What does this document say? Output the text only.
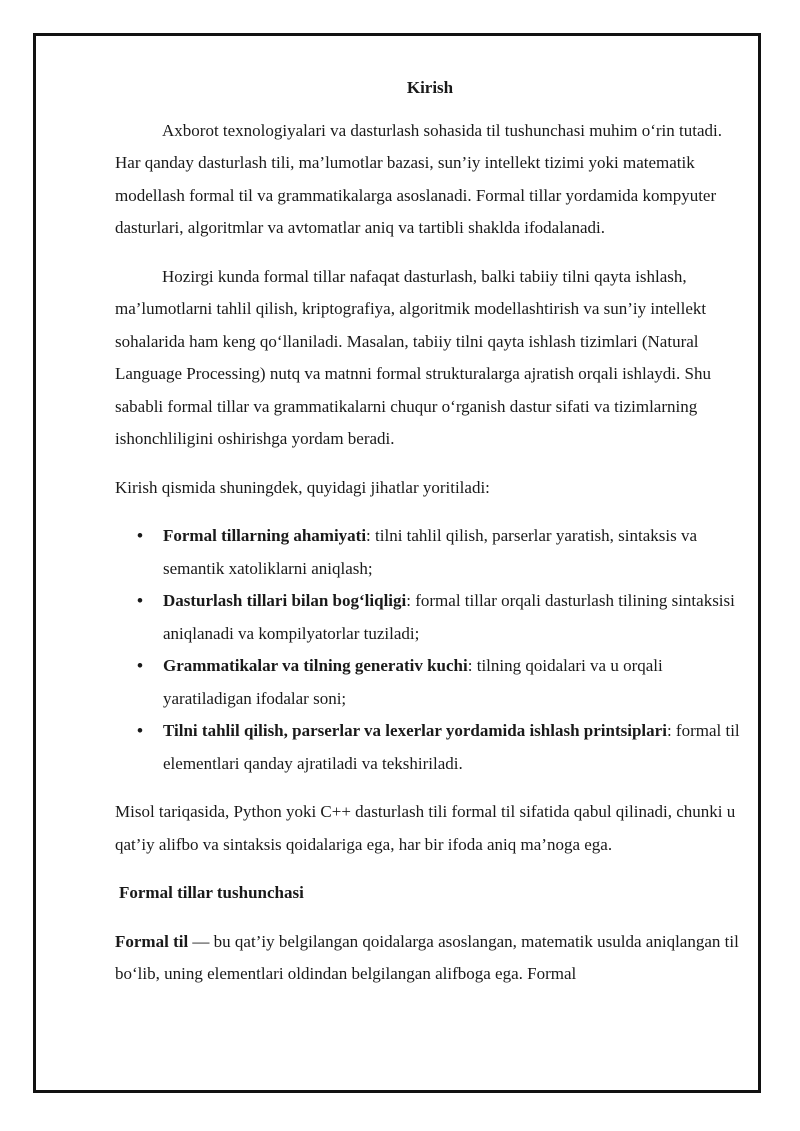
Kirish

Axborot texnologiyalari va dasturlash sohasida til tushunchasi muhim o‘rin tutadi. Har qanday dasturlash tili, ma’lumotlar bazasi, sun’iy intellekt tizimi yoki matematik modellash formal til va grammatikalarga asoslanadi. Formal tillar yordamida kompyuter dasturlari, algoritmlar va avtomatlar aniq va tartibli shaklda ifodalanadi.

Hozirgi kunda formal tillar nafaqat dasturlash, balki tabiiy tilni qayta ishlash, ma’lumotlarni tahlil qilish, kriptografiya, algoritmik modellashtirish va sun’iy intellekt sohalarida ham keng qo‘llaniladi. Masalan, tabiiy tilni qayta ishlash tizimlari (Natural Language Processing) nutq va matnni formal strukturalarga ajratish orqali ishlaydi. Shu sababli formal tillar va grammatikalarni chuqur o‘rganish dastur sifati va tizimlarning ishonchliligini oshirishga yordam beradi.

Kirish qismida shuningdek, quyidagi jihatlar yoritiladi:

• Formal tillarning ahamiyati: tilni tahlil qilish, parserlar yaratish, sintaksis va semantik xatoliklarni aniqlash;
• Dasturlash tillari bilan bog‘liqligi: formal tillar orqali dasturlash tilining sintaksisi aniqlanadi va kompilyatorlar tuziladi;
• Grammatikalar va tilning generativ kuchi: tilning qoidalari va u orqali yaratiladigan ifodalar soni;
• Tilni tahlil qilish, parserlar va lexerlar yordamida ishlash printsiplari: formal til elementlari qanday ajratiladi va tekshiriladi.

Misol tariqasida, Python yoki C++ dasturlash tili formal til sifatida qabul qilinadi, chunki u qat’iy alifbo va sintaksis qoidalariga ega, har bir ifoda aniq ma’noga ega.

Formal tillar tushunchasi

Formal til — bu qat’iy belgilangan qoidalarga asoslangan, matematik usulda aniqlangan til bo‘lib, uning elementlari oldindan belgilangan alifboga ega. Formal
